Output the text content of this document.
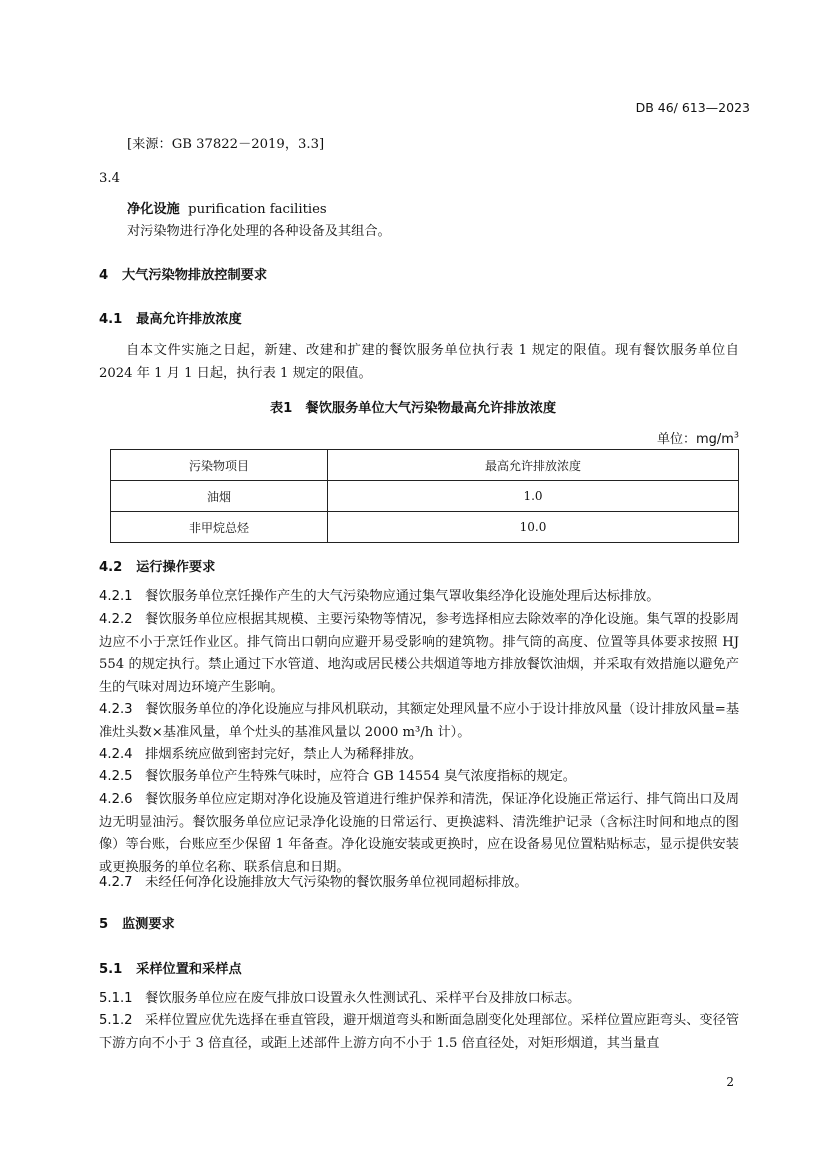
DB 46/ 613—2023
[来源：GB 37822－2019，3.3]
3.4
净化设施 purification facilities
对污染物进行净化处理的各种设备及其组合。
4 大气污染物排放控制要求
4.1 最高允许排放浓度
自本文件实施之日起，新建、改建和扩建的餐饮服务单位执行表 1 规定的限值。现有餐饮服务单位自 2024 年 1 月 1 日起，执行表 1 规定的限值。
表1　餐饮服务单位大气污染物最高允许排放浓度
单位：$mg/m^3$
污染物项目	最高允许排放浓度
油烟	1.0
非甲烷总烃	10.0
4.2 运行操作要求
4.2.1 餐饮服务单位烹饪操作产生的大气污染物应通过集气罩收集经净化设施处理后达标排放。
4.2.2 餐饮服务单位应根据其规模、主要污染物等情况，参考选择相应去除效率的净化设施。集气罩的投影周边应不小于烹饪作业区。排气筒出口朝向应避开易受影响的建筑物。排气筒的高度、位置等具体要求按照 HJ 554 的规定执行。禁止通过下水管道、地沟或居民楼公共烟道等地方排放餐饮油烟，并采取有效措施以避免产生的气味对周边环境产生影响。
4.2.3 餐饮服务单位的净化设施应与排风机联动，其额定处理风量不应小于设计排放风量（设计排放风量=基准灶头数×基准风量，单个灶头的基准风量以 2000 m³/h 计）。
4.2.4 排烟系统应做到密封完好，禁止人为稀释排放。
4.2.5 餐饮服务单位产生特殊气味时，应符合 GB 14554 臭气浓度指标的规定。
4.2.6 餐饮服务单位应定期对净化设施及管道进行维护保养和清洗，保证净化设施正常运行、排气筒出口及周边无明显油污。餐饮服务单位应记录净化设施的日常运行、更换滤料、清洗维护记录（含标注时间和地点的图像）等台账，台账应至少保留 1 年备查。净化设施安装或更换时，应在设备易见位置粘贴标志，显示提供安装或更换服务的单位名称、联系信息和日期。
4.2.7 未经任何净化设施排放大气污染物的餐饮服务单位视同超标排放。
5 监测要求
5.1 采样位置和采样点
5.1.1 餐饮服务单位应在废气排放口设置永久性测试孔、采样平台及排放口标志。
5.1.2 采样位置应优先选择在垂直管段，避开烟道弯头和断面急剧变化处理部位。采样位置应距弯头、变径管下游方向不小于 3 倍直径，或距上述部件上游方向不小于 1.5 倍直径处，对矩形烟道，其当量直
2
